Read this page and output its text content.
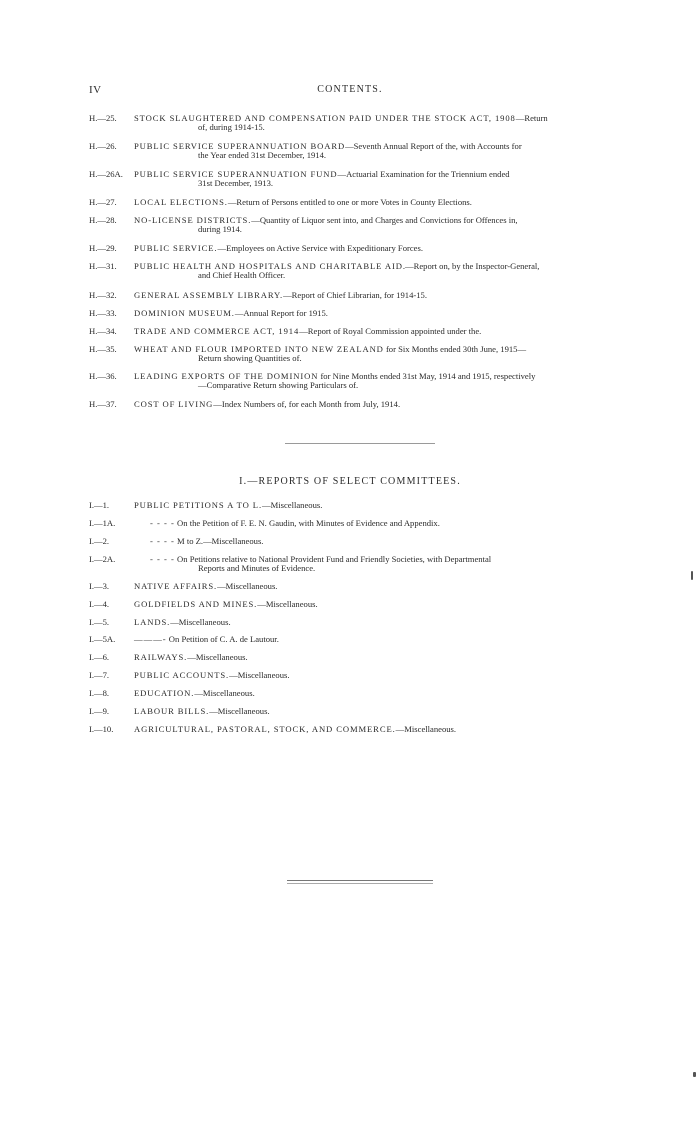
IV	CONTENTS.
H.—25.	STOCK SLAUGHTERED AND COMPENSATION PAID UNDER THE STOCK ACT, 1908—Return
of, during 1914-15.
H.—26.	PUBLIC SERVICE SUPERANNUATION BOARD—Seventh Annual Report of the, with Accounts for
the Year ended 31st December, 1914.
H.—26A.	PUBLIC SERVICE SUPERANNUATION FUND—Actuarial Examination for the Triennium ended
31st December, 1913.
H.—27.	LOCAL ELECTIONS.—Return of Persons entitled to one or more Votes in County Elections.
H.—28.	NO-LICENSE DISTRICTS.—Quantity of Liquor sent into, and Charges and Convictions for Offences in,
during 1914.
H.—29.	PUBLIC SERVICE.—Employees on Active Service with Expeditionary Forces.
H.—31.	PUBLIC HEALTH AND HOSPITALS AND CHARITABLE AID.—Report on, by the Inspector-General,
and Chief Health Officer.
H.—32.	GENERAL ASSEMBLY LIBRARY.—Report of Chief Librarian, for 1914-15.
H.—33.	DOMINION MUSEUM.—Annual Report for 1915.
H.—34.	TRADE AND COMMERCE ACT, 1914—Report of Royal Commission appointed under the.
H.—35.	WHEAT AND FLOUR IMPORTED INTO NEW ZEALAND for Six Months ended 30th June, 1915—
Return showing Quantities of.
H.—36.	LEADING EXPORTS OF THE DOMINION for Nine Months ended 31st May, 1914 and 1915, respectively
—Comparative Return showing Particulars of.
H.—37.	COST OF LIVING—Index Numbers of, for each Month from July, 1914.
I.—REPORTS OF SELECT COMMITTEES.
I.—1.	PUBLIC PETITIONS A TO L.—Miscellaneous.
I.—1A.	- - - - On the Petition of F. E. N. Gaudin, with Minutes of Evidence and Appendix.
I.—2.	- - - - M to Z.—Miscellaneous.
I.—2A.	- - - - On Petitions relative to National Provident Fund and Friendly Societies, with Departmental
Reports and Minutes of Evidence.
I.—3.	NATIVE AFFAIRS.—Miscellaneous.
I.—4.	GOLDFIELDS AND MINES.—Miscellaneous.
I.—5.	LANDS.—Miscellaneous.
I.—5A.	———- On Petition of C. A. de Lautour.
I.—6.	RAILWAYS.—Miscellaneous.
I.—7.	PUBLIC ACCOUNTS.—Miscellaneous.
I.—8.	EDUCATION.—Miscellaneous.
I.—9.	LABOUR BILLS.—Miscellaneous.
I.—10.	AGRICULTURAL, PASTORAL, STOCK, AND COMMERCE.—Miscellaneous.
